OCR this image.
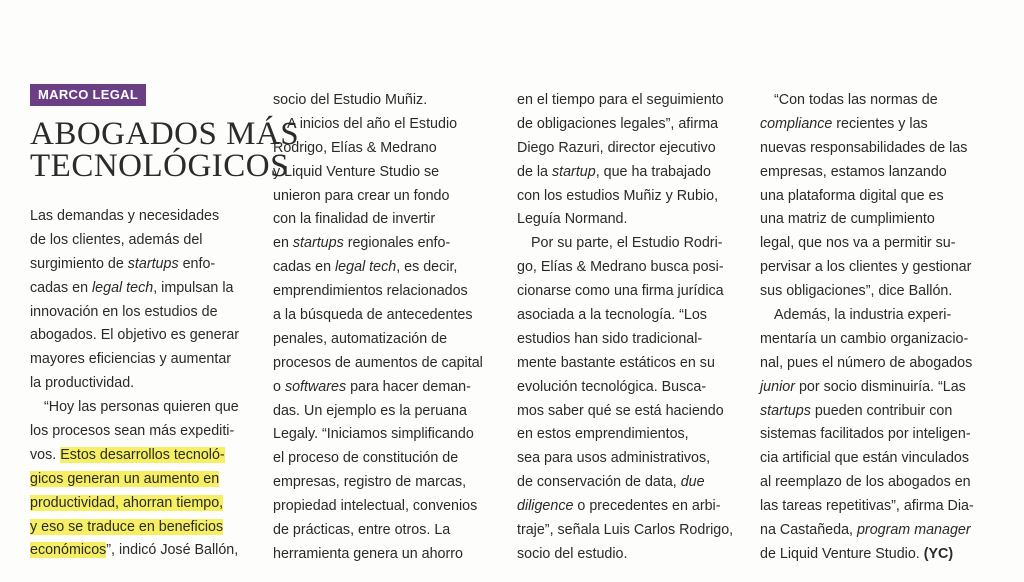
MARCO LEGAL
ABOGADOS MÁS
TECNOLÓGICOS
Las demandas y necesidades
de los clientes, además del
surgimiento de startups enfo-
cadas en legal tech, impulsan la
innovación en los estudios de
abogados. El objetivo es generar
mayores eficiencias y aumentar
la productividad.
“Hoy las personas quieren que
los procesos sean más expediti-
vos. Estos desarrollos tecnoló-
gicos generan un aumento en
productividad, ahorran tiempo,
y eso se traduce en beneficios
económicos”, indicó José Ballón,
socio del Estudio Muñiz.
A inicios del año el Estudio
Rodrigo, Elías & Medrano
y Liquid Venture Studio se
unieron para crear un fondo
con la finalidad de invertir
en startups regionales enfo-
cadas en legal tech, es decir,
emprendimientos relacionados
a la búsqueda de antecedentes
penales, automatización de
procesos de aumentos de capital
o softwares para hacer deman-
das. Un ejemplo es la peruana
Legaly. “Iniciamos simplificando
el proceso de constitución de
empresas, registro de marcas,
propiedad intelectual, convenios
de prácticas, entre otros. La
herramienta genera un ahorro
en el tiempo para el seguimiento
de obligaciones legales”, afirma
Diego Razuri, director ejecutivo
de la startup, que ha trabajado
con los estudios Muñiz y Rubio,
Leguía Normand.
Por su parte, el Estudio Rodri-
go, Elías & Medrano busca posi-
cionarse como una firma jurídica
asociada a la tecnología. “Los
estudios han sido tradicional-
mente bastante estáticos en su
evolución tecnológica. Busca-
mos saber qué se está haciendo
en estos emprendimientos,
sea para usos administrativos,
de conservación de data, due
diligence o precedentes en arbi-
traje”, señala Luis Carlos Rodrigo,
socio del estudio.
“Con todas las normas de
compliance recientes y las
nuevas responsabilidades de las
empresas, estamos lanzando
una plataforma digital que es
una matriz de cumplimiento
legal, que nos va a permitir su-
pervisar a los clientes y gestionar
sus obligaciones”, dice Ballón.
Además, la industria experi-
mentaría un cambio organizacio-
nal, pues el número de abogados
junior por socio disminuiría. “Las
startups pueden contribuir con
sistemas facilitados por inteligen-
cia artificial que están vinculados
al reemplazo de los abogados en
las tareas repetitivas”, afirma Dia-
na Castañeda, program manager
de Liquid Venture Studio. (YC)
